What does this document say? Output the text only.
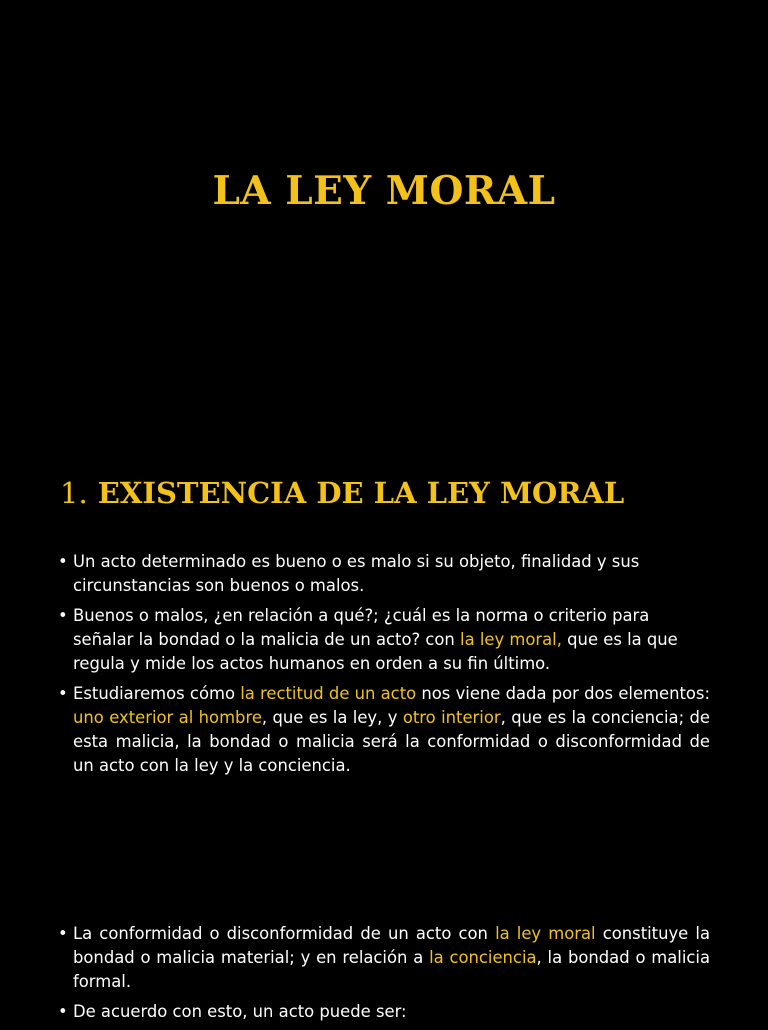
LA LEY MORAL
1. EXISTENCIA DE LA LEY MORAL
• Un acto determinado es bueno o es malo si su objeto, finalidad y sus circunstancias son buenos o malos.
• Buenos o malos, ¿en relación a qué?; ¿cuál es la norma o criterio para señalar la bondad o la malicia de un acto? con la ley moral, que es la que regula y mide los actos humanos en orden a su fin último.
• Estudiaremos cómo la rectitud de un acto nos viene dada por dos elementos: uno exterior al hombre, que es la ley, y otro interior, que es la conciencia; de esta malicia, la bondad o malicia será la conformidad o disconformidad de un acto con la ley y la conciencia.
• La conformidad o disconformidad de un acto con la ley moral constituye la bondad o malicia material; y en relación a la conciencia, la bondad o malicia formal.
• De acuerdo con esto, un acto puede ser:
